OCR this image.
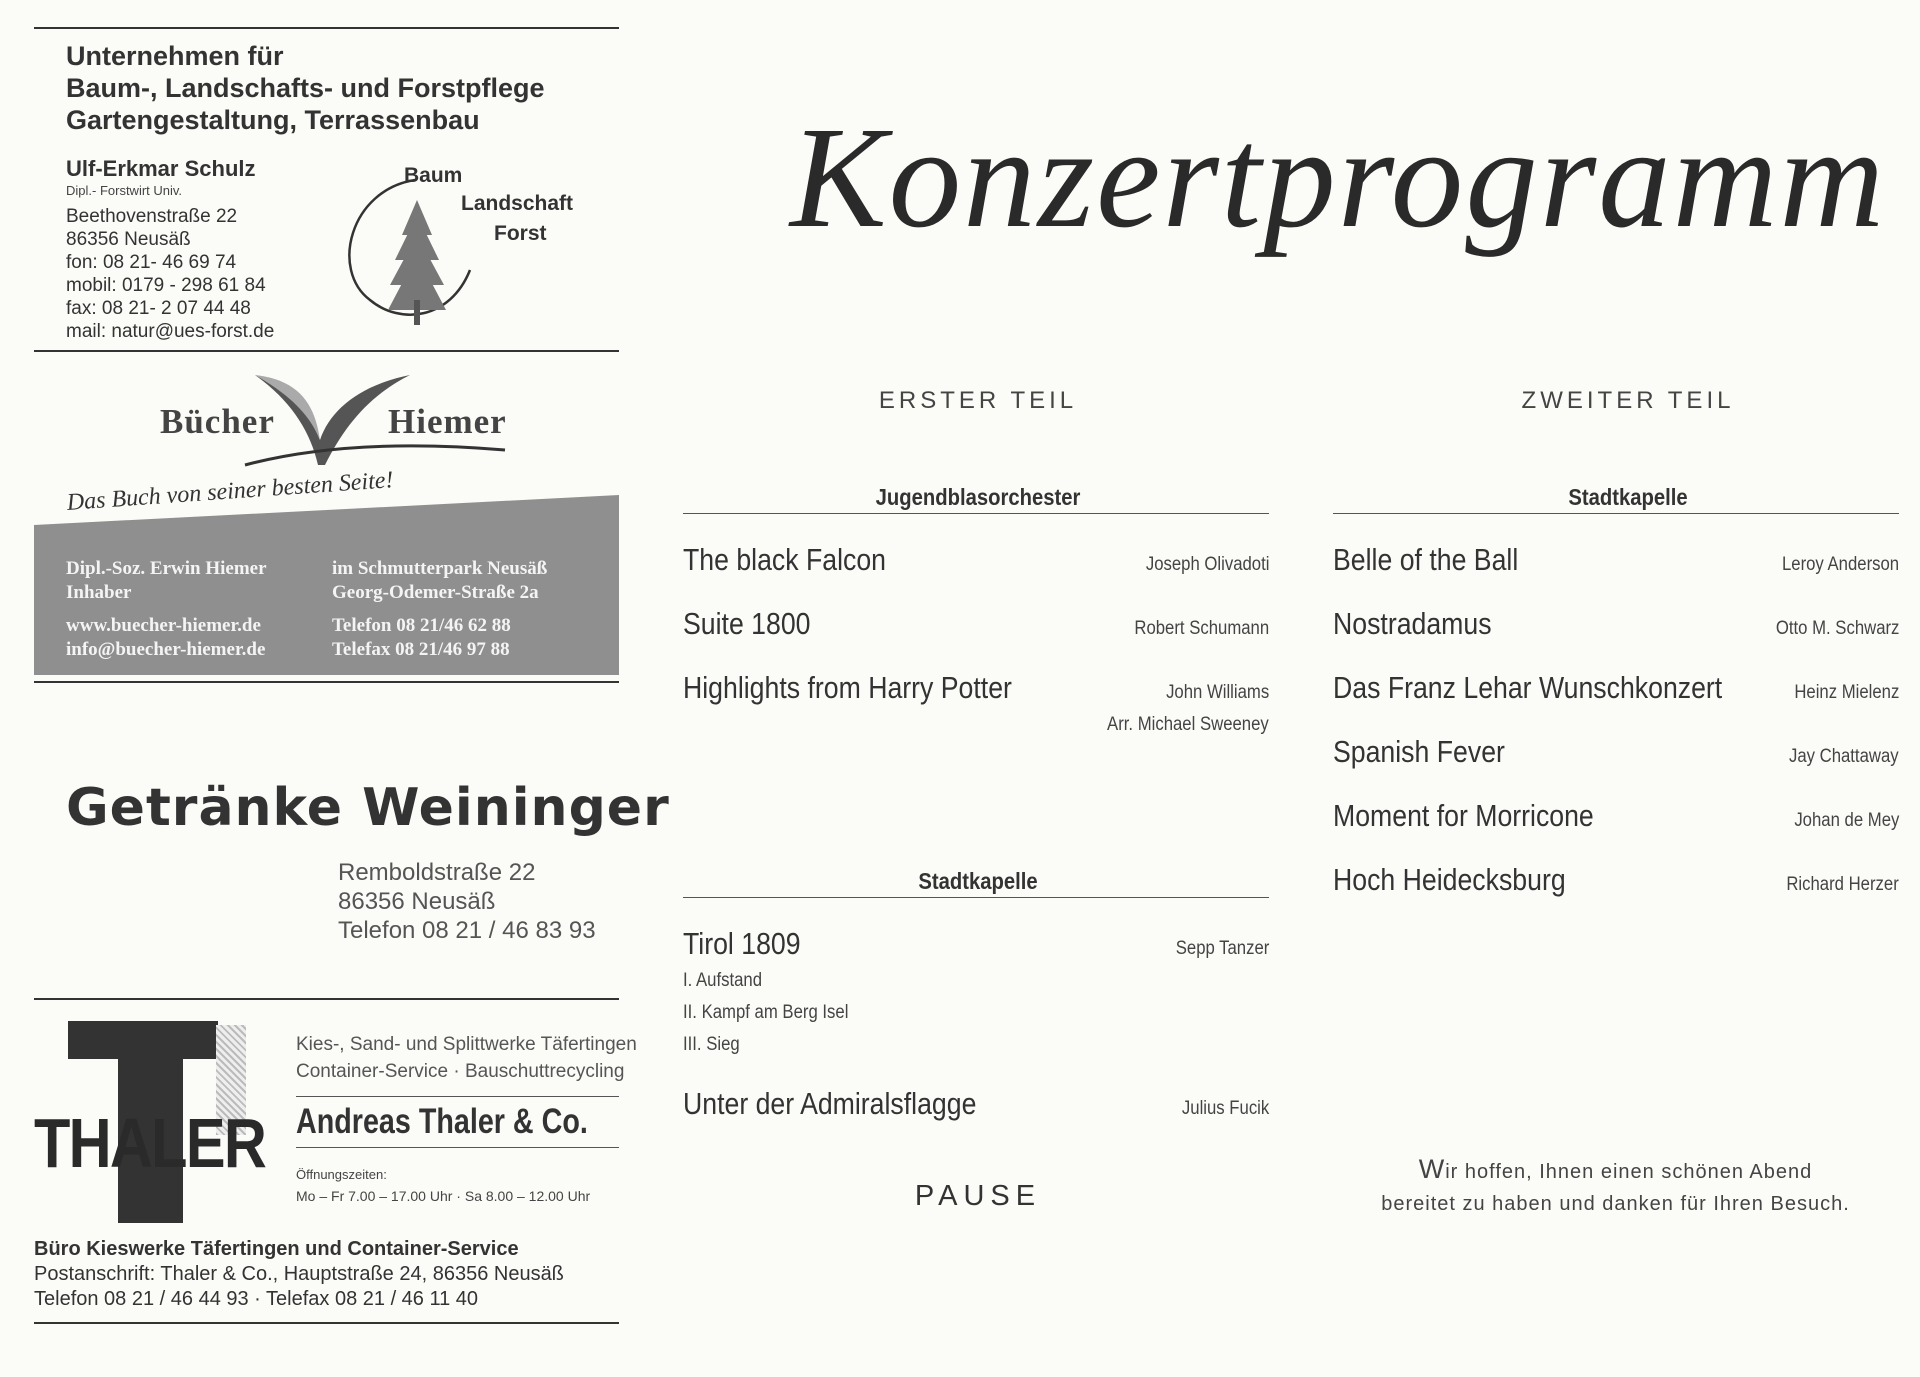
Unternehmen für
Baum-, Landschafts- und Forstpflege
Gartengestaltung, Terrassenbau
Ulf-Erkmar Schulz
Dipl.- Forstwirt Univ.
Beethovenstraße 22
86356 Neusäß
fon: 08 21- 46 69 74
mobil: 0179 - 298 61 84
fax: 08 21- 2 07 44 48
mail: natur@ues-forst.de
Baum
Landschaft
Forst
Bücher	Hiemer
Das Buch von seiner besten Seite!
Dipl.-Soz. Erwin Hiemer
Inhaber
www.buecher-hiemer.de
info@buecher-hiemer.de
im Schmutterpark Neusäß
Georg-Odemer-Straße 2a
Telefon 08 21/46 62 88
Telefax 08 21/46 97 88
Getränke Weininger
Remboldstraße 22
86356 Neusäß
Telefon 08 21 / 46 83 93
THALER
Kies-, Sand- und Splittwerke Täfertingen
Container-Service · Bauschuttrecycling
Andreas Thaler & Co.
Öffnungszeiten:
Mo – Fr 7.00 – 17.00 Uhr · Sa 8.00 – 12.00 Uhr
Büro Kieswerke Täfertingen und Container-Service
Postanschrift: Thaler & Co., Hauptstraße 24, 86356 Neusäß
Telefon 08 21 / 46 44 93 · Telefax 08 21 / 46 11 40
Konzertprogramm
ERSTER TEIL	ZWEITER TEIL
Jugendblasorchester
The black Falcon	Joseph Olivadoti
Suite 1800	Robert Schumann
Highlights from Harry Potter	John Williams
Arr. Michael Sweeney
Stadtkapelle
Tirol 1809	Sepp Tanzer
I. Aufstand
II. Kampf am Berg Isel
III. Sieg
Unter der Admiralsflagge	Julius Fucik
PAUSE
Stadtkapelle
Belle of the Ball	Leroy Anderson
Nostradamus	Otto M. Schwarz
Das Franz Lehar Wunschkonzert	Heinz Mielenz
Spanish Fever	Jay Chattaway
Moment for Morricone	Johan de Mey
Hoch Heidecksburg	Richard Herzer
Wir hoffen, Ihnen einen schönen Abend
bereitet zu haben und danken für Ihren Besuch.
